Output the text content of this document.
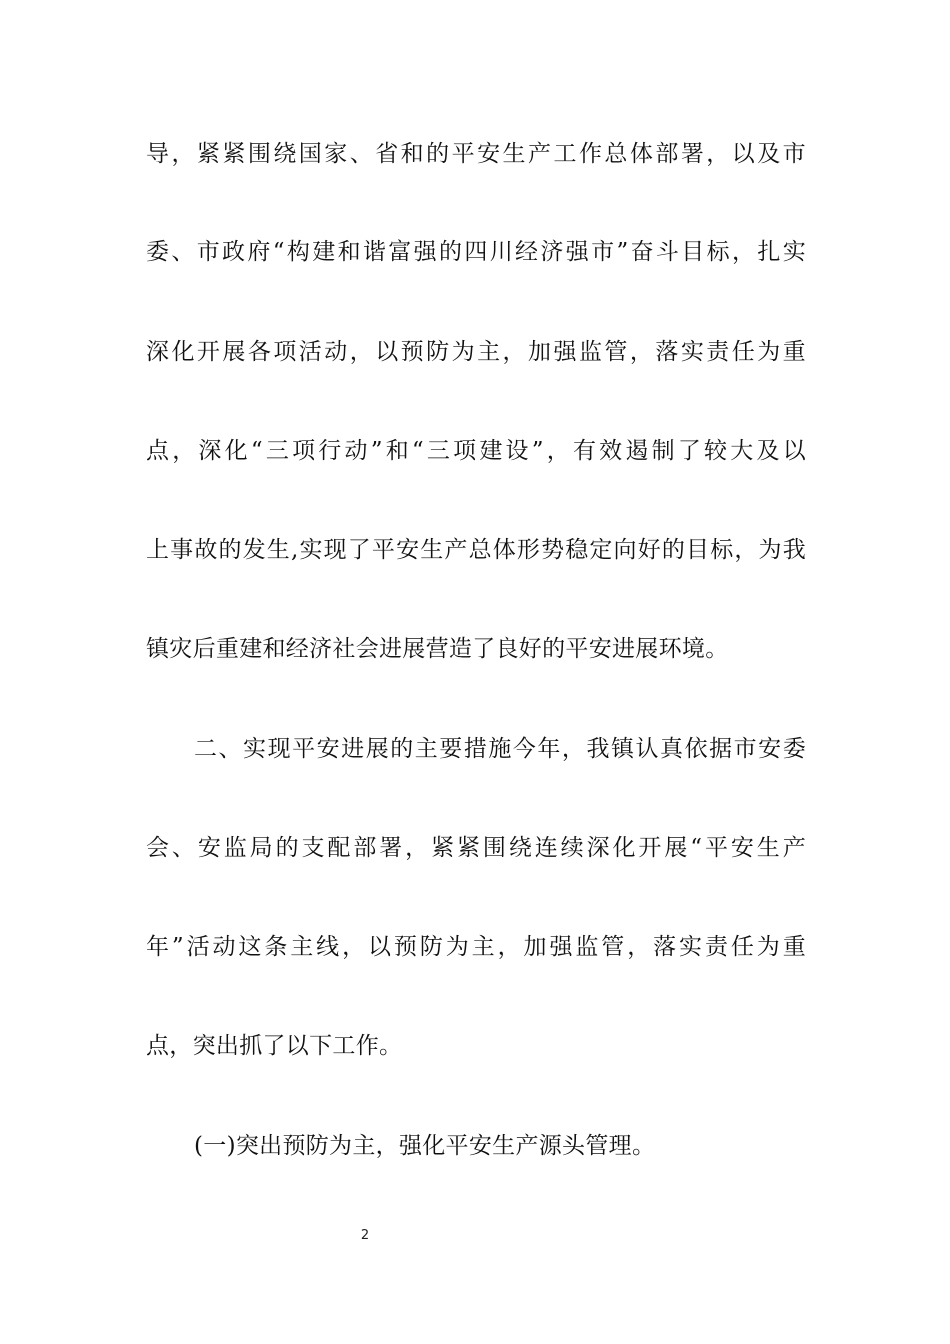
导，紧紧围绕国家、省和的平安生产工作总体部署，以及市
委、市政府“构建和谐富强的四川经济强市”奋斗目标，扎实
深化开展各项活动，以预防为主，加强监管，落实责任为重
点，深化“三项行动”和“三项建设”，有效遏制了较大及以
上事故的发生,实现了平安生产总体形势稳定向好的目标，为我
镇灾后重建和经济社会进展营造了良好的平安进展环境。
二、实现平安进展的主要措施今年，我镇认真依据市安委
会、安监局的支配部署，紧紧围绕连续深化开展“平安生产
年”活动这条主线，以预防为主，加强监管，落实责任为重
点，突出抓了以下工作。
(一)突出预防为主，强化平安生产源头管理。
2
